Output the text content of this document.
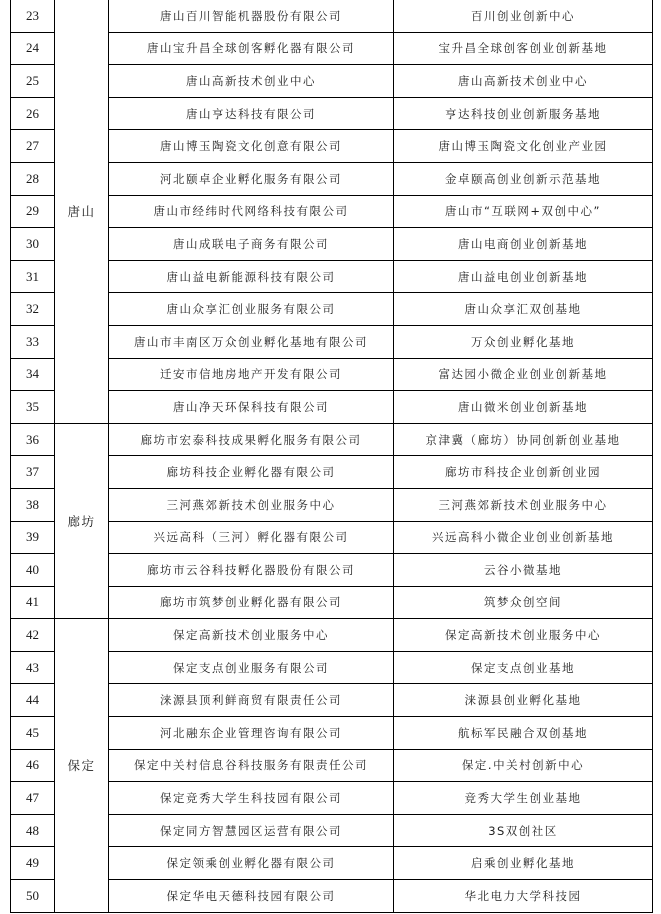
23	唐山	唐山百川智能机器股份有限公司	百川创业创新中心
24		唐山宝升昌全球创客孵化器有限公司	宝升昌全球创客创业创新基地
25		唐山高新技术创业中心	唐山高新技术创业中心
26		唐山亨达科技有限公司	亨达科技创业创新服务基地
27		唐山博玉陶瓷文化创意有限公司	唐山博玉陶瓷文化创业产业园
28		河北颐卓企业孵化服务有限公司	金卓颐高创业创新示范基地
29		唐山市经纬时代网络科技有限公司	唐山市“互联网+双创中心”
30		唐山成联电子商务有限公司	唐山电商创业创新基地
31		唐山益电新能源科技有限公司	唐山益电创业创新基地
32		唐山众享汇创业服务有限公司	唐山众享汇双创基地
33		唐山市丰南区万众创业孵化基地有限公司	万众创业孵化基地
34		迁安市信地房地产开发有限公司	富达园小微企业创业创新基地
35		唐山净天环保科技有限公司	唐山微米创业创新基地
36	廊坊	廊坊市宏泰科技成果孵化服务有限公司	京津冀（廊坊）协同创新创业基地
37		廊坊科技企业孵化器有限公司	廊坊市科技企业创新创业园
38		三河燕郊新技术创业服务中心	三河燕郊新技术创业服务中心
39		兴远高科（三河）孵化器有限公司	兴远高科小微企业创业创新基地
40		廊坊市云谷科技孵化器股份有限公司	云谷小微基地
41		廊坊市筑梦创业孵化器有限公司	筑梦众创空间
42	保定	保定高新技术创业服务中心	保定高新技术创业服务中心
43		保定支点创业服务有限公司	保定支点创业基地
44		涞源县顶利鲜商贸有限责任公司	涞源县创业孵化基地
45		河北融东企业管理咨询有限公司	航标军民融合双创基地
46		保定中关村信息谷科技服务有限责任公司	保定.中关村创新中心
47		保定竞秀大学生科技园有限公司	竞秀大学生创业基地
48		保定同方智慧园区运营有限公司	3S双创社区
49		保定领乘创业孵化器有限公司	启乘创业孵化基地
50		保定华电天德科技园有限公司	华北电力大学科技园
